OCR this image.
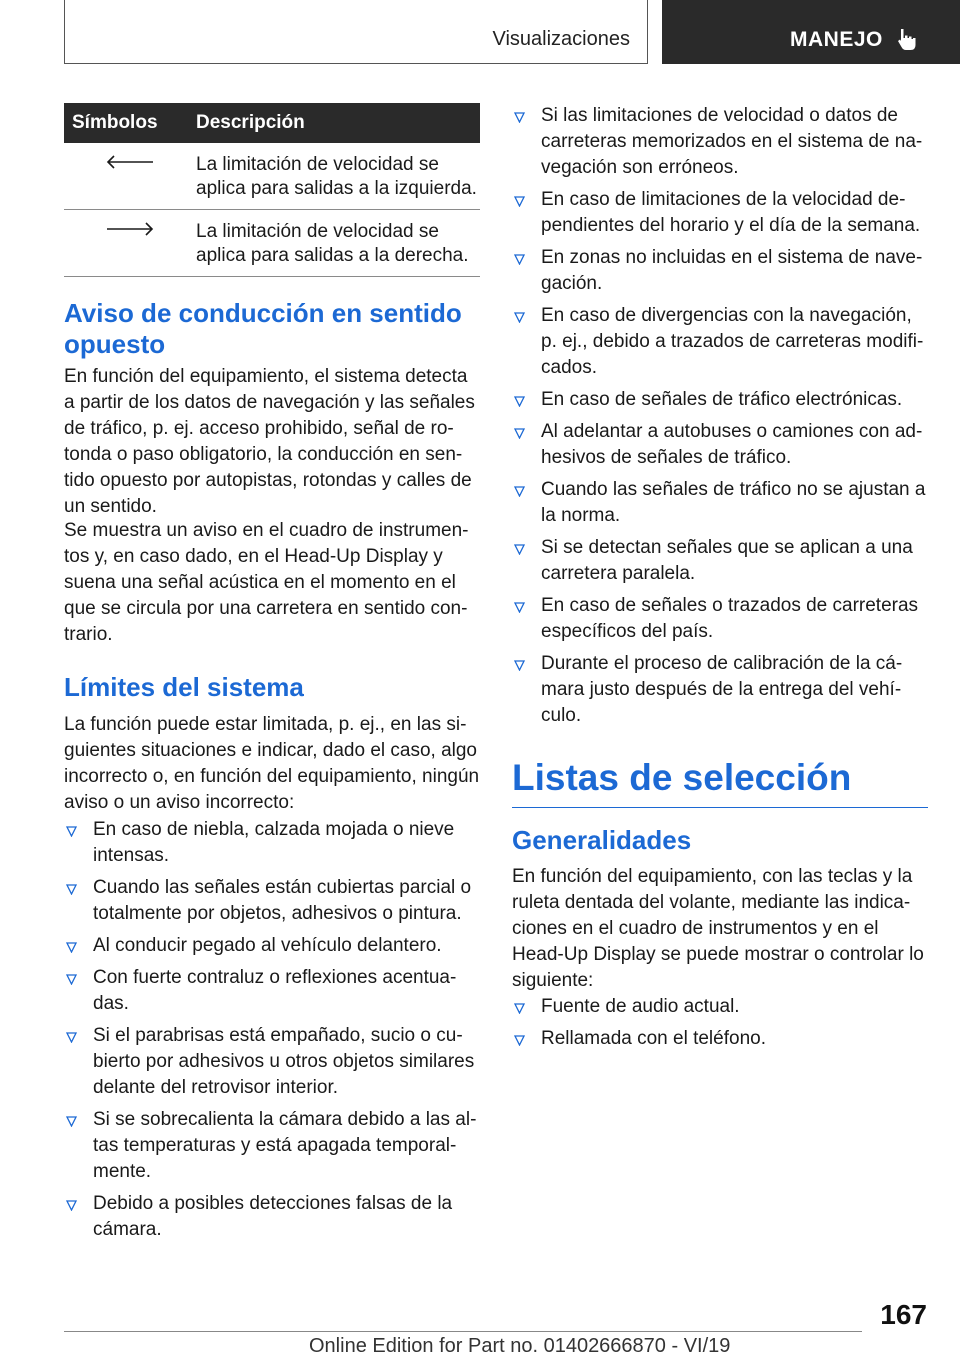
Visualizaciones	MANEJO
Símbolos	Descripción
	La limitación de velocidad se aplica para salidas a la izquierda.
	La limitación de velocidad se aplica para salidas a la derecha.
Aviso de conducción en sentido opuesto

En función del equipamiento, el sistema detecta a partir de los datos de navegación y las señales de tráfico, p. ej. acceso prohibido, señal de rotonda o paso obligatorio, la conducción en sentido opuesto por autopistas, rotondas y calles de un sentido.

Se muestra un aviso en el cuadro de instrumentos y, en caso dado, en el Head-Up Display y suena una señal acústica en el momento en el que se circula por una carretera en sentido contrario.

Límites del sistema

La función puede estar limitada, p. ej., en las siguientes situaciones e indicar, dado el caso, algo incorrecto o, en función del equipamiento, ningún aviso o un aviso incorrecto:

En caso de niebla, calzada mojada o nieve intensas.
Cuando las señales están cubiertas parcial o totalmente por objetos, adhesivos o pintura.
Al conducir pegado al vehículo delantero.
Con fuerte contraluz o reflexiones acentuadas.
Si el parabrisas está empañado, sucio o cubierto por adhesivos u otros objetos similares delante del retrovisor interior.
Si se sobrecalienta la cámara debido a las altas temperaturas y está apagada temporalmente.
Debido a posibles detecciones falsas de la cámara.
Si las limitaciones de velocidad o datos de carreteras memorizados en el sistema de navegación son erróneos.
En caso de limitaciones de la velocidad dependientes del horario y el día de la semana.
En zonas no incluidas en el sistema de navegación.
En caso de divergencias con la navegación, p. ej., debido a trazados de carreteras modificados.
En caso de señales de tráfico electrónicas.
Al adelantar a autobuses o camiones con adhesivos de señales de tráfico.
Cuando las señales de tráfico no se ajustan a la norma.
Si se detectan señales que se aplican a una carretera paralela.
En caso de señales o trazados de carreteras específicos del país.
Durante el proceso de calibración de la cámara justo después de la entrega del vehículo.
Listas de selección
Generalidades

En función del equipamiento, con las teclas y la ruleta dentada del volante, mediante las indicaciones en el cuadro de instrumentos y en el Head-Up Display se puede mostrar o controlar lo siguiente:

Fuente de audio actual.
Rellamada con el teléfono.
167
Online Edition for Part no. 01402666870 - VI/19
